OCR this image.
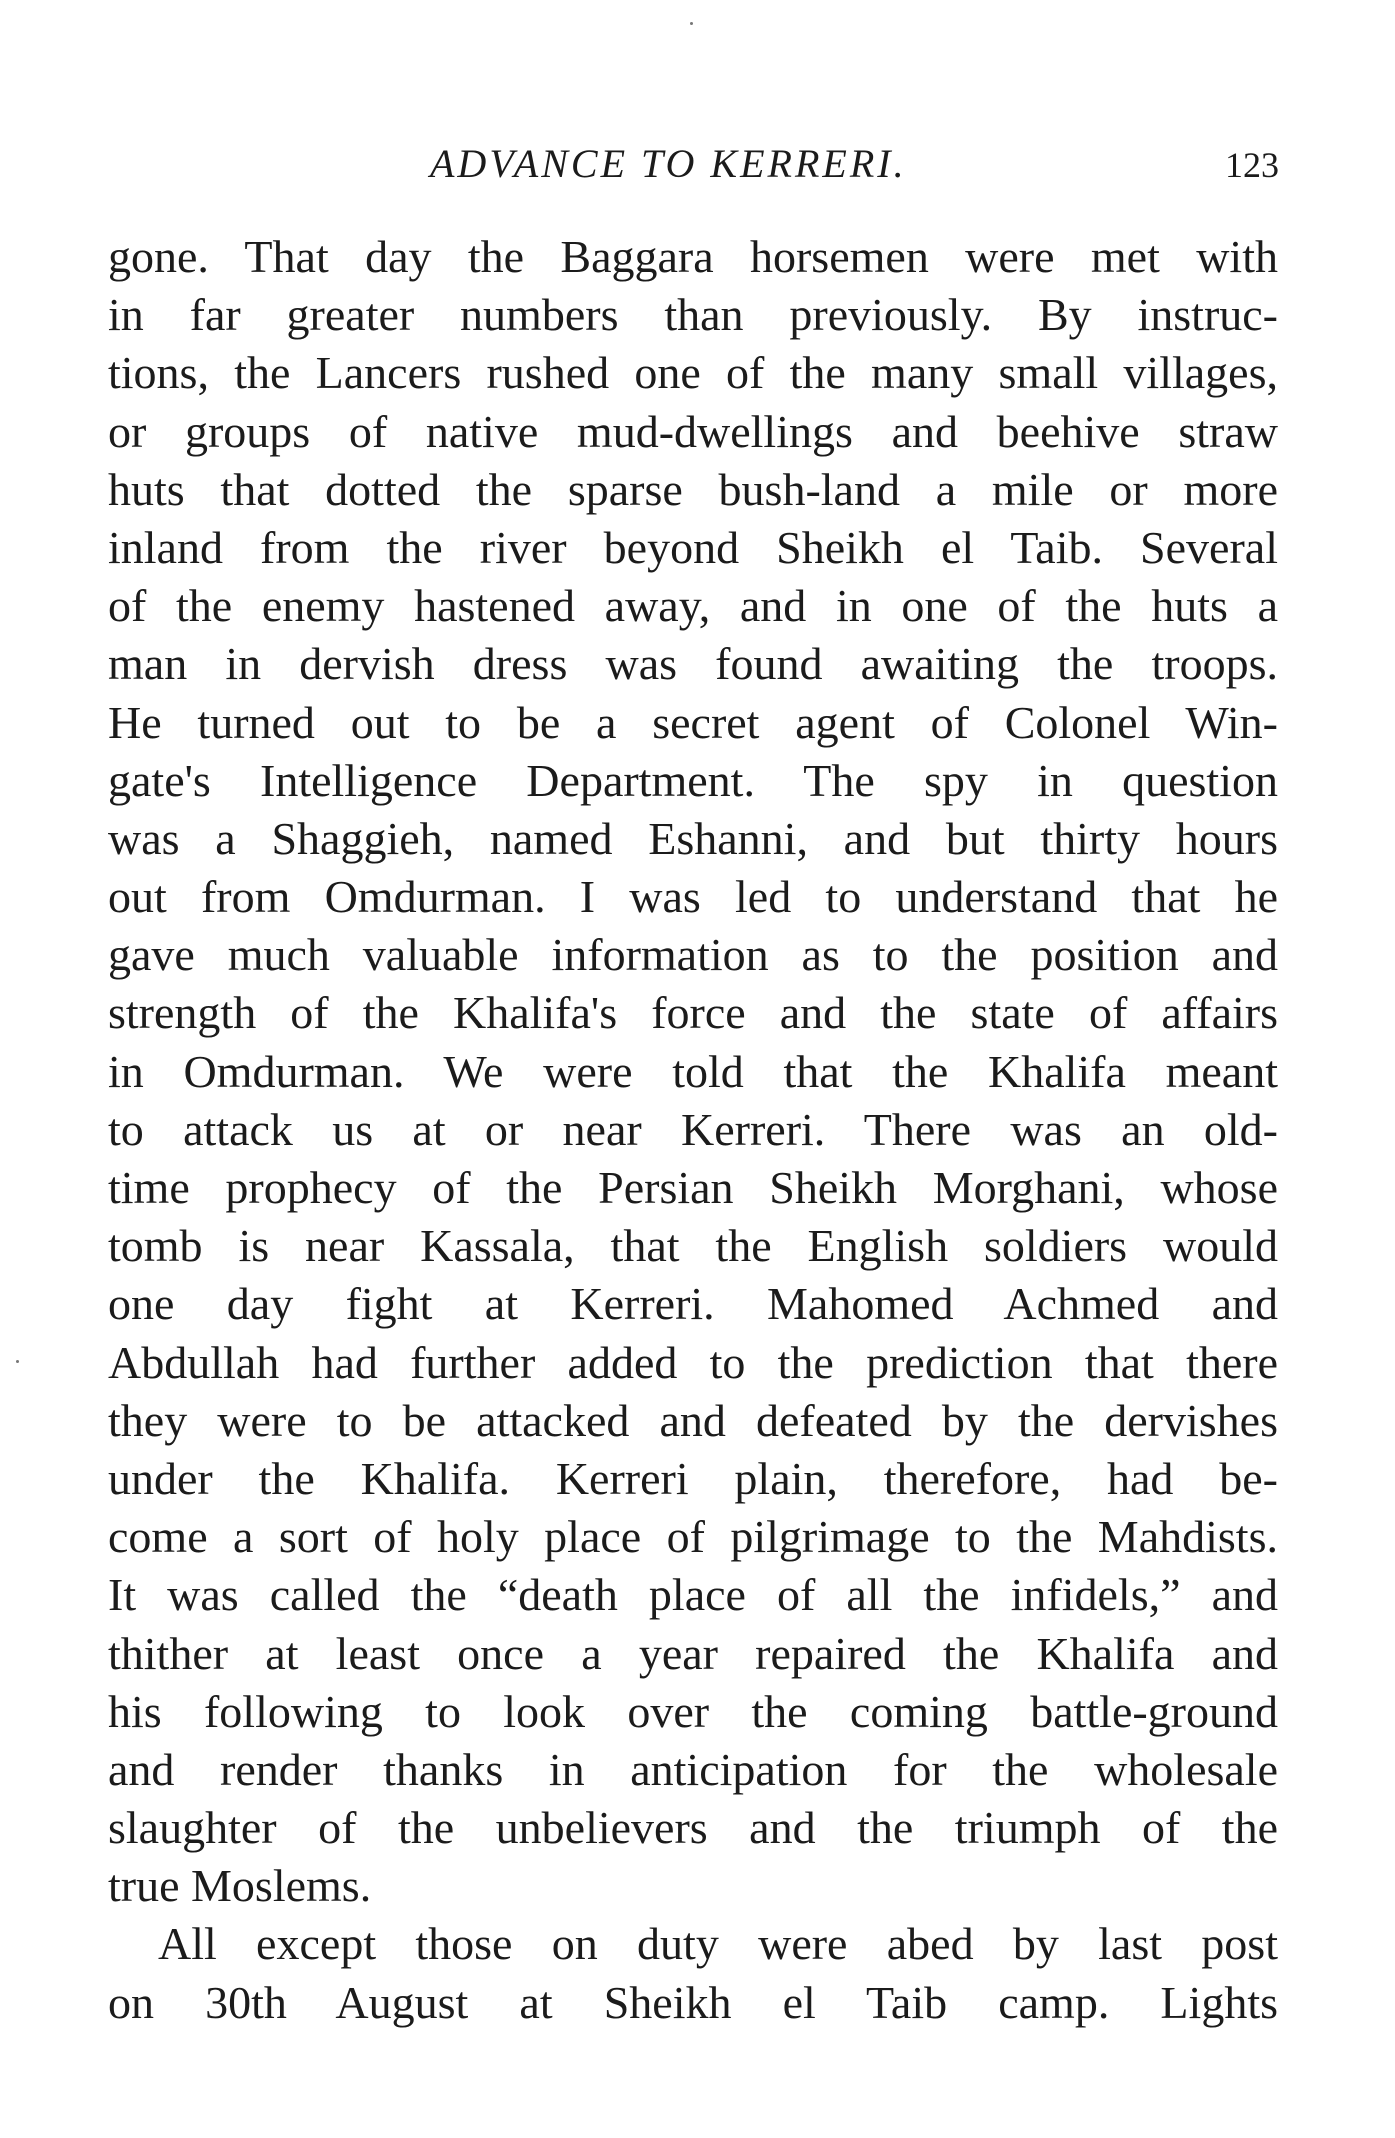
ADVANCE TO KERRERI.	123
gone. That day the Baggara horsemen were met with
in far greater numbers than previously. By instruc-
tions, the Lancers rushed one of the many small villages,
or groups of native mud-dwellings and beehive straw
huts that dotted the sparse bush-land a mile or more
inland from the river beyond Sheikh el Taib. Several
of the enemy hastened away, and in one of the huts a
man in dervish dress was found awaiting the troops.
He turned out to be a secret agent of Colonel Win-
gate's Intelligence Department. The spy in question
was a Shaggieh, named Eshanni, and but thirty hours
out from Omdurman. I was led to understand that he
gave much valuable information as to the position and
strength of the Khalifa's force and the state of affairs
in Omdurman. We were told that the Khalifa meant
to attack us at or near Kerreri. There was an old-
time prophecy of the Persian Sheikh Morghani, whose
tomb is near Kassala, that the English soldiers would
one day fight at Kerreri. Mahomed Achmed and
Abdullah had further added to the prediction that there
they were to be attacked and defeated by the dervishes
under the Khalifa. Kerreri plain, therefore, had be-
come a sort of holy place of pilgrimage to the Mahdists.
It was called the “death place of all the infidels,” and
thither at least once a year repaired the Khalifa and
his following to look over the coming battle-ground
and render thanks in anticipation for the wholesale
slaughter of the unbelievers and the triumph of the
true Moslems.
All except those on duty were abed by last post
on 30th August at Sheikh el Taib camp. Lights
